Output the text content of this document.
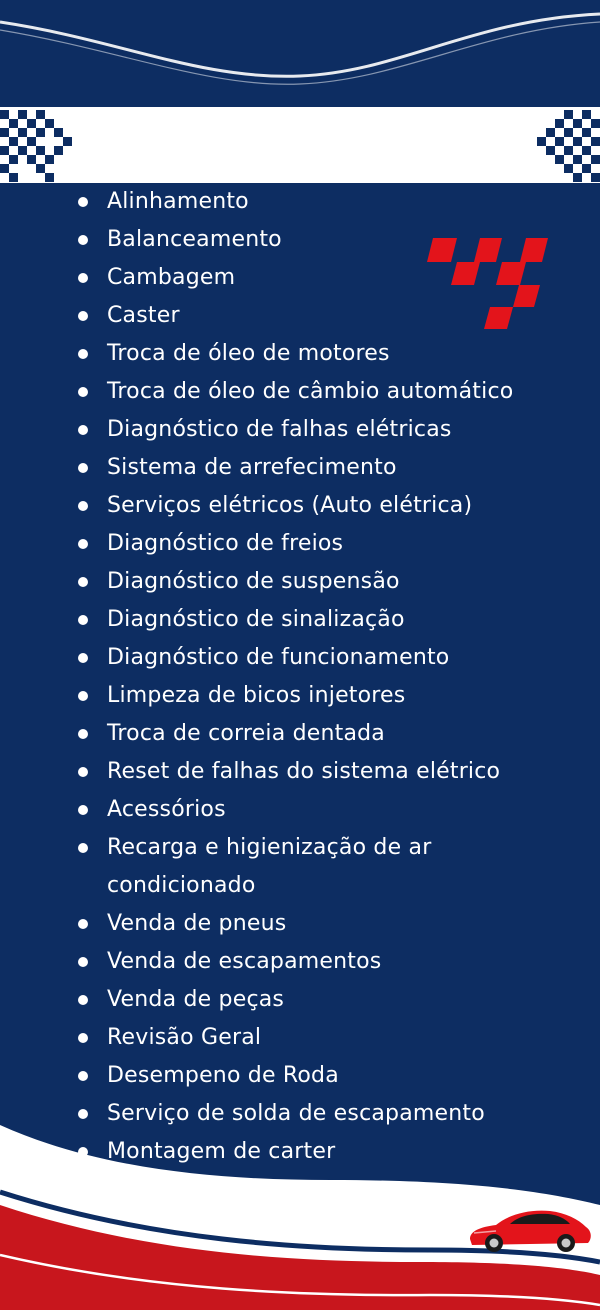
Alinhamento
Balanceamento
Cambagem
Caster
Troca de óleo de motores
Troca de óleo de câmbio automático
Diagnóstico de falhas elétricas
Sistema de arrefecimento
Serviços elétricos (Auto elétrica)
Diagnóstico de freios
Diagnóstico de suspensão
Diagnóstico de sinalização
Diagnóstico de funcionamento
Limpeza de bicos injetores
Troca de correia dentada
Reset de falhas do sistema elétrico
Acessórios
Recarga e higienização de ar condicionado
Venda de pneus
Venda de escapamentos
Venda de peças
Revisão Geral
Desempeno de Roda
Serviço de solda de escapamento
Montagem de carter
